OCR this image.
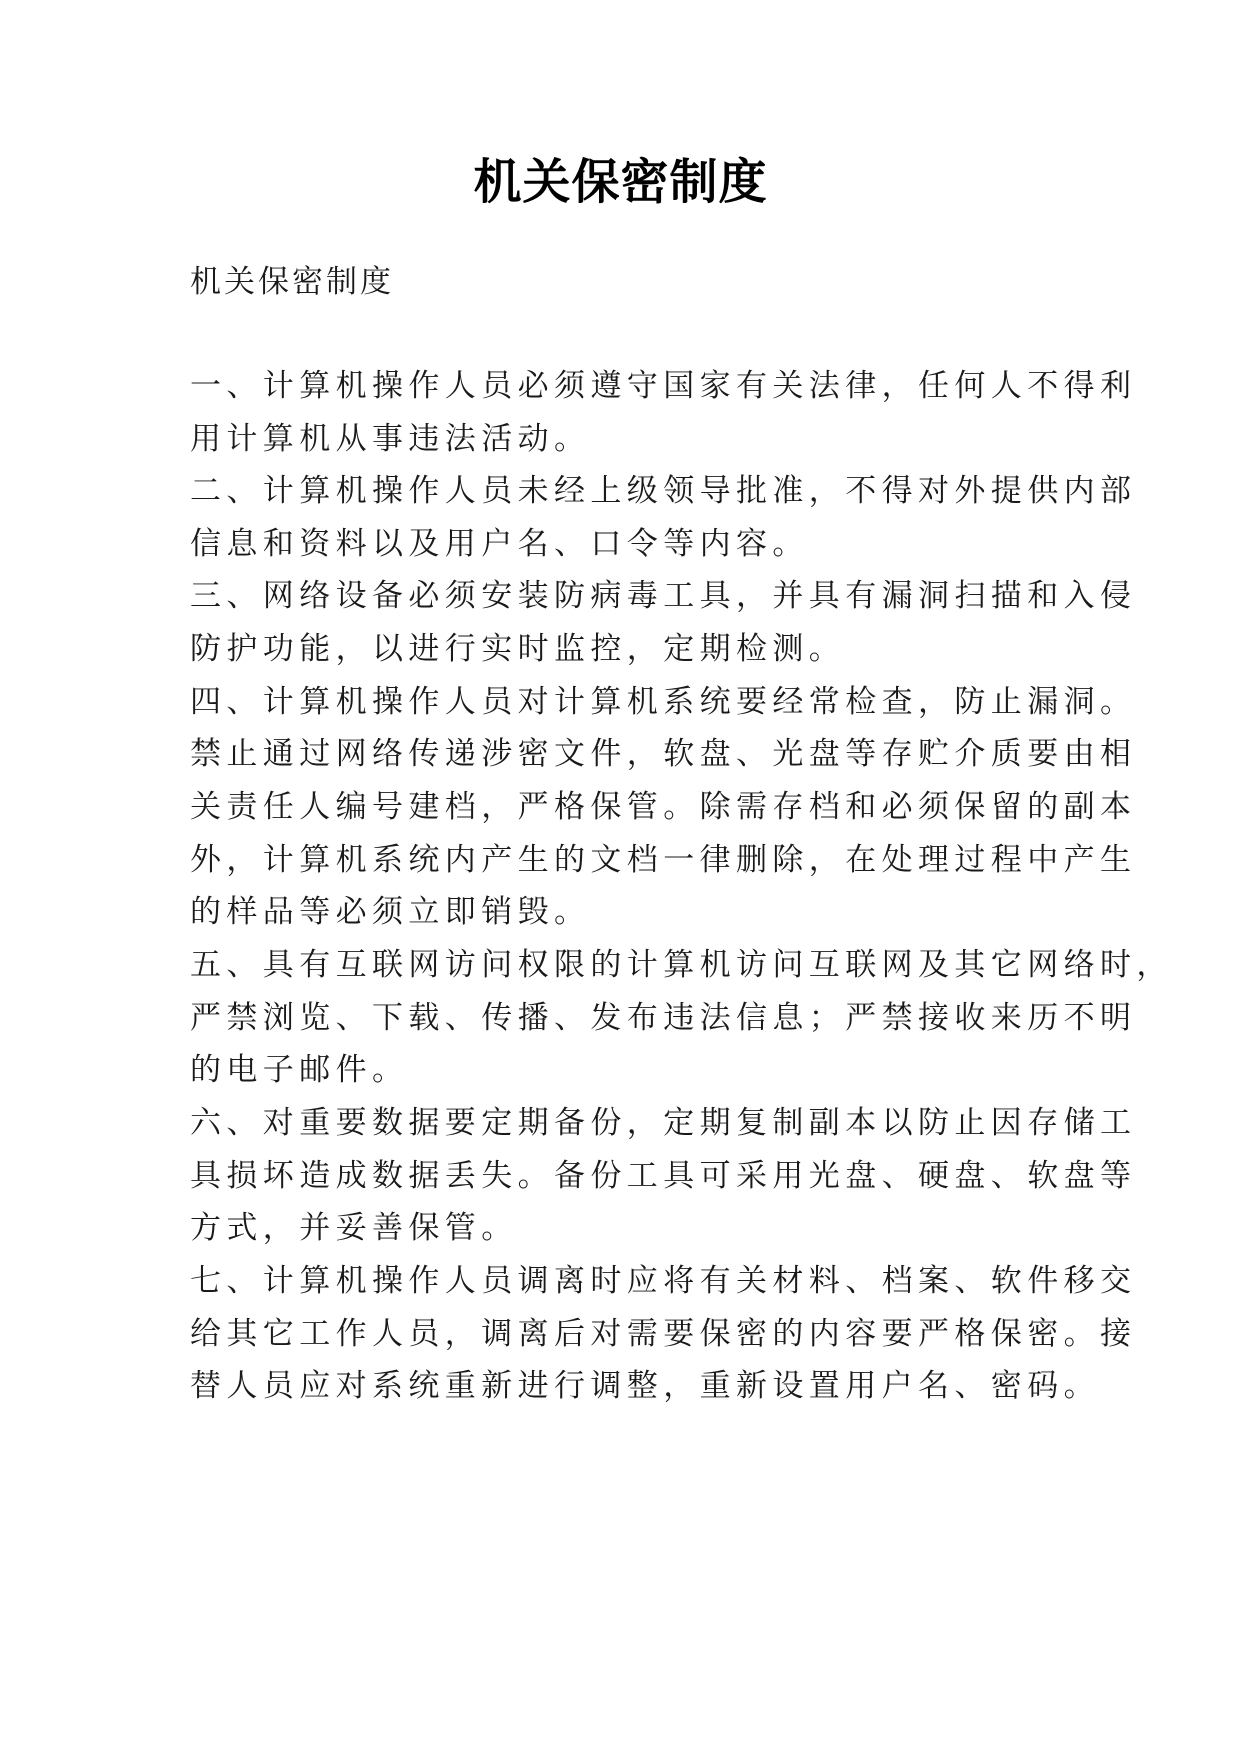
机关保密制度
机关保密制度
一、计算机操作人员必须遵守国家有关法律，任何人不得利
用计算机从事违法活动。
二、计算机操作人员未经上级领导批准，不得对外提供内部
信息和资料以及用户名、口令等内容。
三、网络设备必须安装防病毒工具，并具有漏洞扫描和入侵
防护功能，以进行实时监控，定期检测。
四、计算机操作人员对计算机系统要经常检查，防止漏洞。
禁止通过网络传递涉密文件，软盘、光盘等存贮介质要由相
关责任人编号建档，严格保管。除需存档和必须保留的副本
外，计算机系统内产生的文档一律删除，在处理过程中产生
的样品等必须立即销毁。
五、具有互联网访问权限的计算机访问互联网及其它网络时，
严禁浏览、下载、传播、发布违法信息；严禁接收来历不明
的电子邮件。
六、对重要数据要定期备份，定期复制副本以防止因存储工
具损坏造成数据丢失。备份工具可采用光盘、硬盘、软盘等
方式，并妥善保管。
七、计算机操作人员调离时应将有关材料、档案、软件移交
给其它工作人员，调离后对需要保密的内容要严格保密。接
替人员应对系统重新进行调整，重新设置用户名、密码。
